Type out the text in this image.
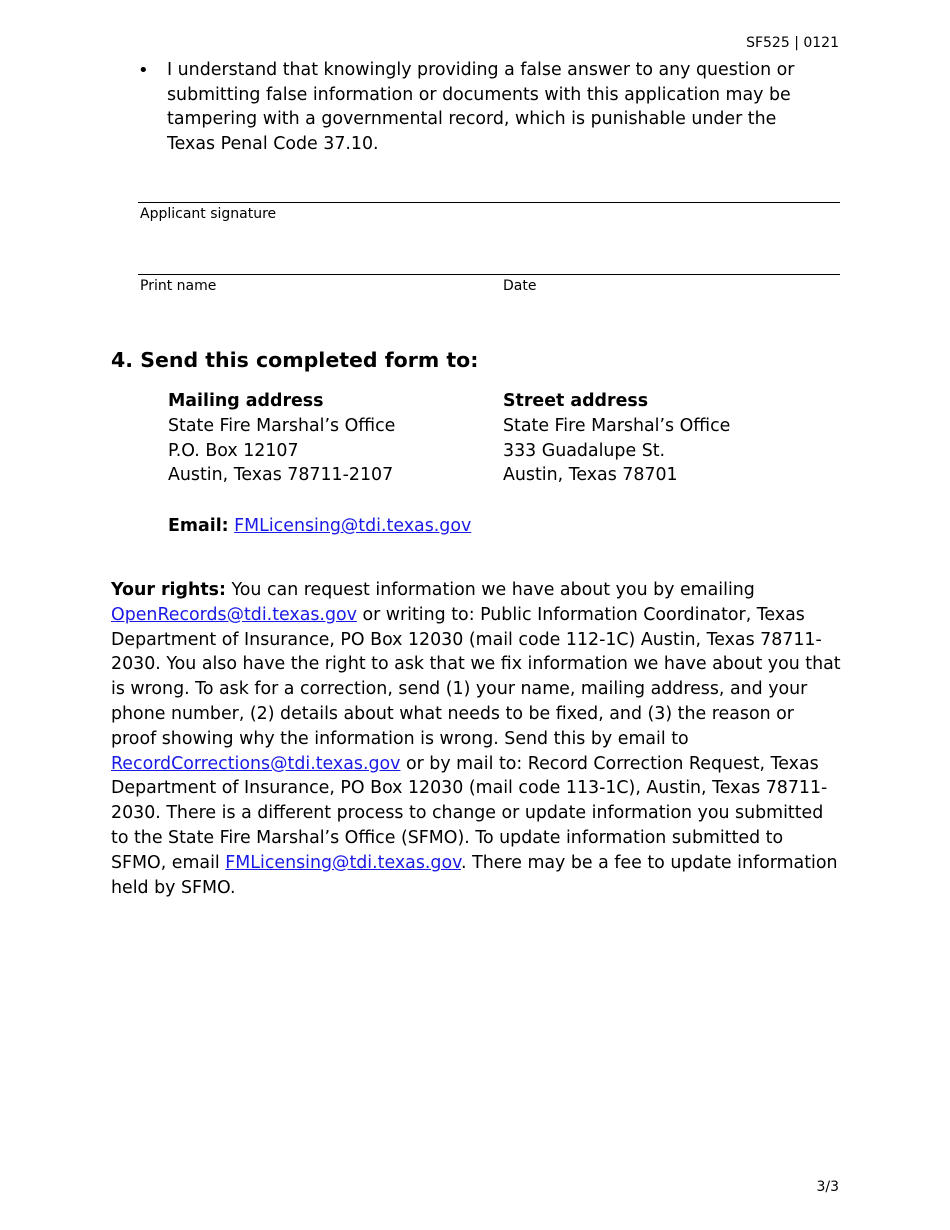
SF525 | 0121
• I understand that knowingly providing a false answer to any question or submitting false information or documents with this application may be tampering with a governmental record, which is punishable under the Texas Penal Code 37.10.
Applicant signature
Print name	Date
4. Send this completed form to:
Mailing address
State Fire Marshal’s Office
P.O. Box 12107
Austin, Texas 78711-2107
Street address
State Fire Marshal’s Office
333 Guadalupe St.
Austin, Texas 78701
Email: FMLicensing@tdi.texas.gov
Your rights: You can request information we have about you by emailing OpenRecords@tdi.texas.gov or writing to: Public Information Coordinator, Texas Department of Insurance, PO Box 12030 (mail code 112-1C) Austin, Texas 78711-2030. You also have the right to ask that we fix information we have about you that is wrong. To ask for a correction, send (1) your name, mailing address, and your phone number, (2) details about what needs to be fixed, and (3) the reason or proof showing why the information is wrong. Send this by email to RecordCorrections@tdi.texas.gov or by mail to: Record Correction Request, Texas Department of Insurance, PO Box 12030 (mail code 113-1C), Austin, Texas 78711-2030. There is a different process to change or update information you submitted to the State Fire Marshal’s Office (SFMO). To update information submitted to SFMO, email FMLicensing@tdi.texas.gov. There may be a fee to update information held by SFMO.
3/3
